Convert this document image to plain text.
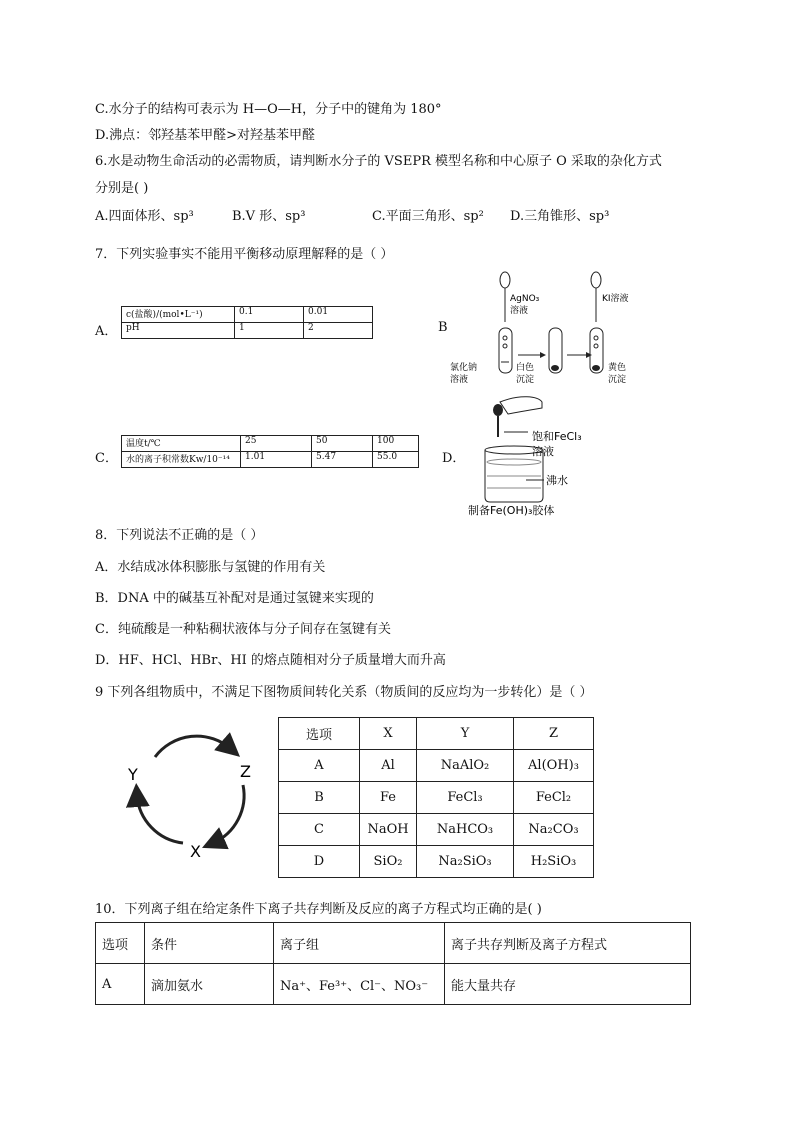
C.水分子的结构可表示为 H—O—H，分子中的键角为 180°
D.沸点：邻羟基苯甲醛>对羟基苯甲醛
6.水是动物生命活动的必需物质，请判断水分子的 VSEPR 模型名称和中心原子 O 采取的杂化方式
分别是( )
A.四面体形、sp³	B.V 形、sp³	C.平面三角形、sp² D.三角锥形、sp³
7．下列实验事实不能用平衡移动原理解释的是（ ）
A．
c(盐酸)/(mol•L⁻¹)	0.1	0.01
pH	1	2	B
AgNO₃
溶液
KI溶液
氯化钠
溶液
白色
沉淀
黄色
沉淀
C．
温度t/℃	25	50	100
水的离子积常数Kw/10⁻¹⁴	1.01	5.47	55.0	D．
饱和FeCl₃
溶液
沸水
制备Fe(OH)₃胶体
8．下列说法不正确的是（ ）
A．水结成冰体积膨胀与氢键的作用有关
B．DNA 中的碱基互补配对是通过氢键来实现的
C．纯硫酸是一种粘稠状液体与分子间存在氢键有关
D．HF、HCl、HBr、HI 的熔点随相对分子质量增大而升高
9 下列各组物质中，不满足下图物质间转化关系（物质间的反应均为一步转化）是（ ）
Y	Z
X
选项	X	Y	Z
A	Al	NaAlO₂	Al(OH)₃
B	Fe	FeCl₃	FeCl₂
C	NaOH	NaHCO₃	Na₂CO₃
D	SiO₂	Na₂SiO₃	H₂SiO₃
10．下列离子组在给定条件下离子共存判断及反应的离子方程式均正确的是( )
选项	条件	离子组	离子共存判断及离子方程式
A	滴加氨水	Na⁺、Fe³⁺、Cl⁻、NO₃⁻	能大量共存
